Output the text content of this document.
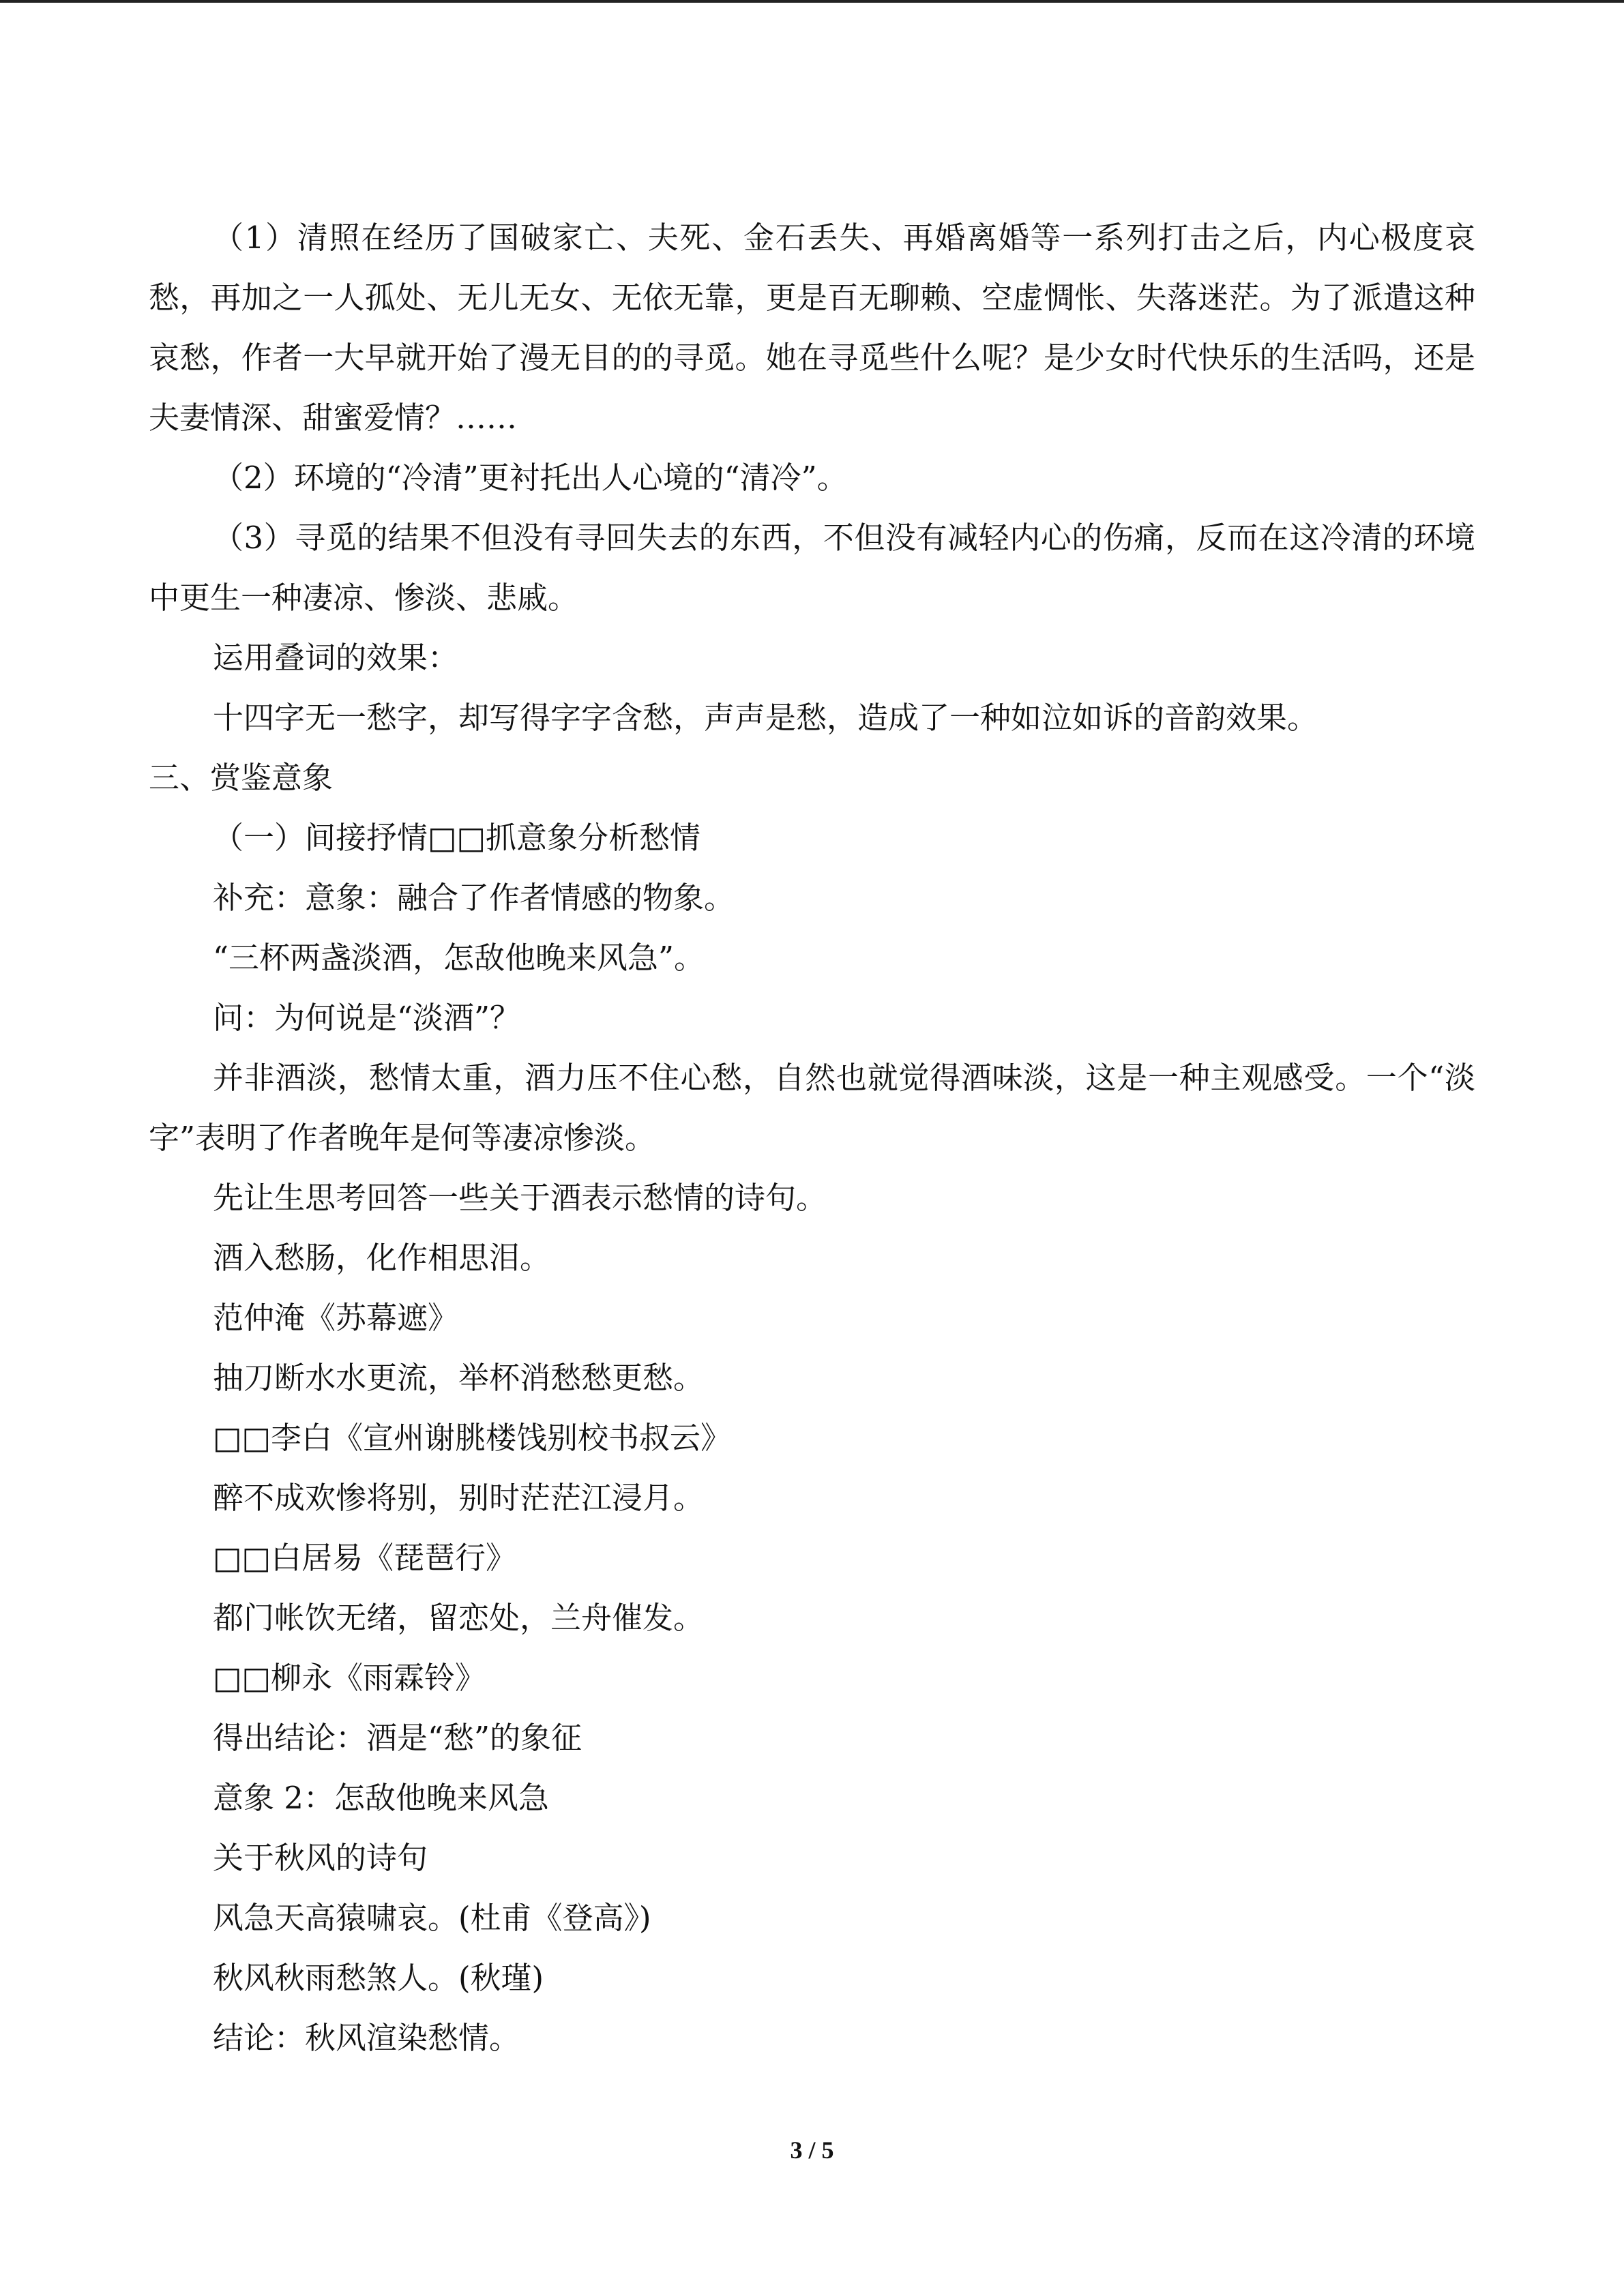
（1）清照在经历了国破家亡、夫死、金石丢失、再婚离婚等一系列打击之后，内心极度哀愁，再加之一人孤处、无儿无女、无依无靠，更是百无聊赖、空虚惆怅、失落迷茫。为了派遣这种哀愁，作者一大早就开始了漫无目的的寻觅。她在寻觅些什么呢？是少女时代快乐的生活吗，还是夫妻情深、甜蜜爱情？……

（2）环境的“冷清”更衬托出人心境的“清冷”。

（3）寻觅的结果不但没有寻回失去的东西，不但没有减轻内心的伤痛，反而在这冷清的环境中更生一种凄凉、惨淡、悲戚。

运用叠词的效果：

十四字无一愁字，却写得字字含愁，声声是愁，造成了一种如泣如诉的音韵效果。

三、赏鉴意象

（一）间接抒情□□抓意象分析愁情

补充：意象：融合了作者情感的物象。

“三杯两盏淡酒，怎敌他晚来风急”。

问：为何说是“淡酒”？

并非酒淡，愁情太重，酒力压不住心愁，自然也就觉得酒味淡，这是一种主观感受。一个“淡字”表明了作者晚年是何等凄凉惨淡。

先让生思考回答一些关于酒表示愁情的诗句。

酒入愁肠，化作相思泪。

范仲淹《苏幕遮》

抽刀断水水更流，举杯消愁愁更愁。

□□李白《宣州谢朓楼饯别校书叔云》

醉不成欢惨将别，别时茫茫江浸月。

□□白居易《琵琶行》

都门帐饮无绪，留恋处，兰舟催发。

□□柳永《雨霖铃》

得出结论：酒是“愁”的象征

意象 2：怎敌他晚来风急

关于秋风的诗句

风急天高猿啸哀。(杜甫《登高》)

秋风秋雨愁煞人。(秋瑾)

结论：秋风渲染愁情。

3 / 5
